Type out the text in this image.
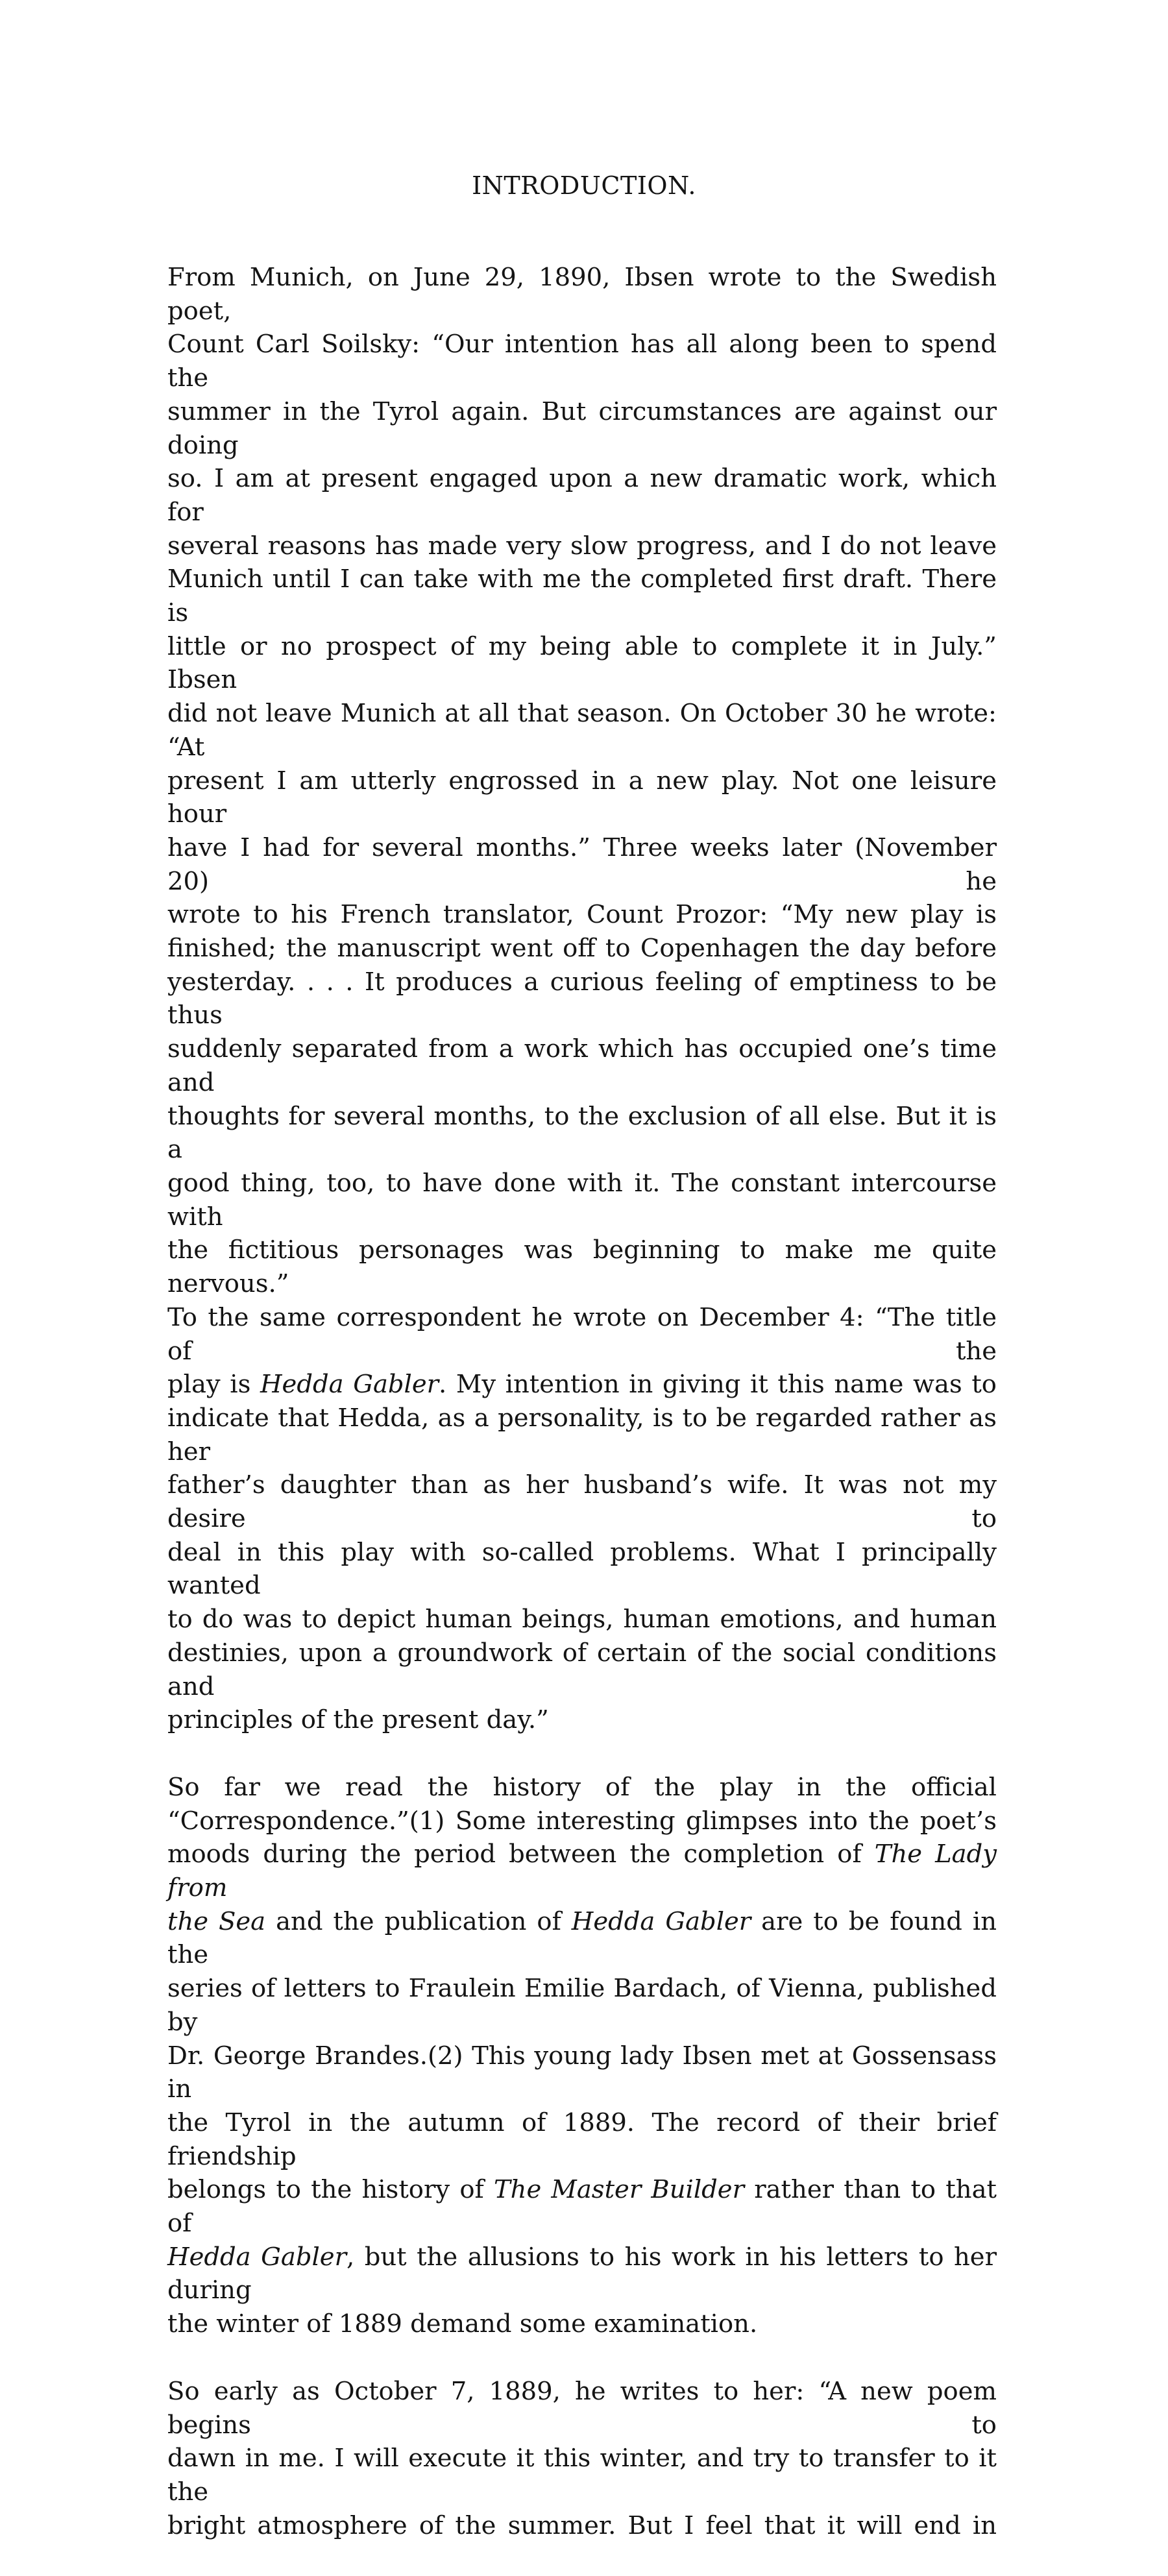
INTRODUCTION.

From Munich, on June 29, 1890, Ibsen wrote to the Swedish poet,
Count Carl Soilsky: “Our intention has all along been to spend the
summer in the Tyrol again. But circumstances are against our doing
so. I am at present engaged upon a new dramatic work, which for
several reasons has made very slow progress, and I do not leave
Munich until I can take with me the completed first draft. There is
little or no prospect of my being able to complete it in July.” Ibsen
did not leave Munich at all that season. On October 30 he wrote: “At
present I am utterly engrossed in a new play. Not one leisure hour
have I had for several months.” Three weeks later (November 20) he
wrote to his French translator, Count Prozor: “My new play is
finished; the manuscript went off to Copenhagen the day before
yesterday. . . . It produces a curious feeling of emptiness to be thus
suddenly separated from a work which has occupied one’s time and
thoughts for several months, to the exclusion of all else. But it is a
good thing, too, to have done with it. The constant intercourse with
the fictitious personages was beginning to make me quite nervous.”
To the same correspondent he wrote on December 4: “The title of the
play is Hedda Gabler. My intention in giving it this name was to
indicate that Hedda, as a personality, is to be regarded rather as her
father’s daughter than as her husband’s wife. It was not my desire to
deal in this play with so-called problems. What I principally wanted
to do was to depict human beings, human emotions, and human
destinies, upon a groundwork of certain of the social conditions and
principles of the present day.”

So far we read the history of the play in the official
“Correspondence.”(1) Some interesting glimpses into the poet’s
moods during the period between the completion of The Lady from
the Sea and the publication of Hedda Gabler are to be found in the
series of letters to Fraulein Emilie Bardach, of Vienna, published by
Dr. George Brandes.(2) This young lady Ibsen met at Gossensass in
the Tyrol in the autumn of 1889. The record of their brief friendship
belongs to the history of The Master Builder rather than to that of
Hedda Gabler, but the allusions to his work in his letters to her during
the winter of 1889 demand some examination.

So early as October 7, 1889, he writes to her: “A new poem begins to
dawn in me. I will execute it this winter, and try to transfer to it the
bright atmosphere of the summer. But I feel that it will end in
